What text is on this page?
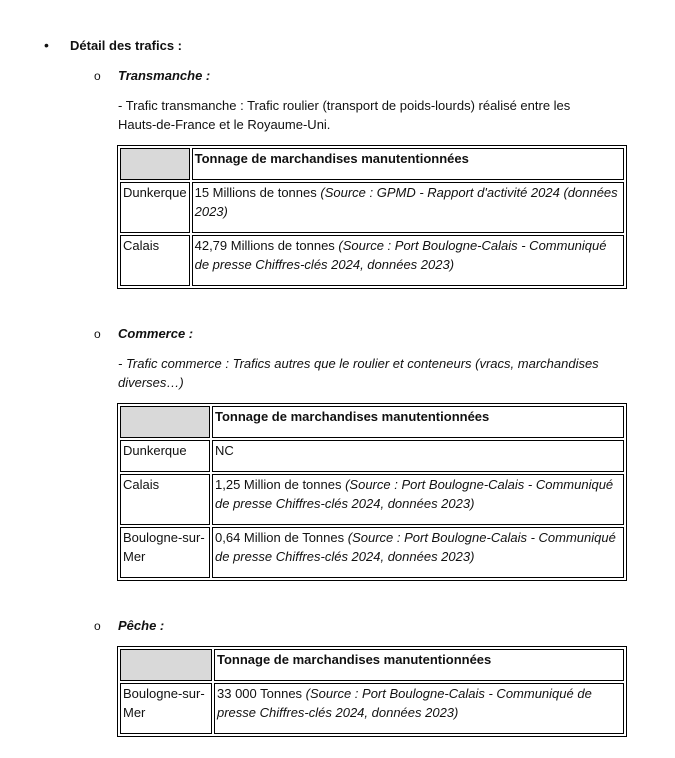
•	Détail des trafics :
o Transmanche :
- Trafic transmanche : Trafic roulier (transport de poids-lourds) réalisé entre les
Hauts-de-France et le Royaume-Uni.
	Tonnage de marchandises manutentionnées
Dunkerque	15 Millions de tonnes (Source : GPMD - Rapport d'activité 2024 (données 2023)
Calais	42,79 Millions de tonnes (Source : Port Boulogne-Calais - Communiqué de presse Chiffres-clés 2024, données 2023)
o Commerce :
- Trafic commerce : Trafics autres que le roulier et conteneurs (vracs, marchandises
diverses…)
	Tonnage de marchandises manutentionnées
Dunkerque	NC
Calais	1,25 Million de tonnes (Source : Port Boulogne-Calais - Communiqué de presse Chiffres-clés 2024, données 2023)
Boulogne-sur-Mer	0,64 Million de Tonnes (Source : Port Boulogne-Calais - Communiqué de presse Chiffres-clés 2024, données 2023)
o Pêche :
	Tonnage de marchandises manutentionnées
Boulogne-sur-Mer	33 000 Tonnes (Source : Port Boulogne-Calais - Communiqué de presse Chiffres-clés 2024, données 2023)
